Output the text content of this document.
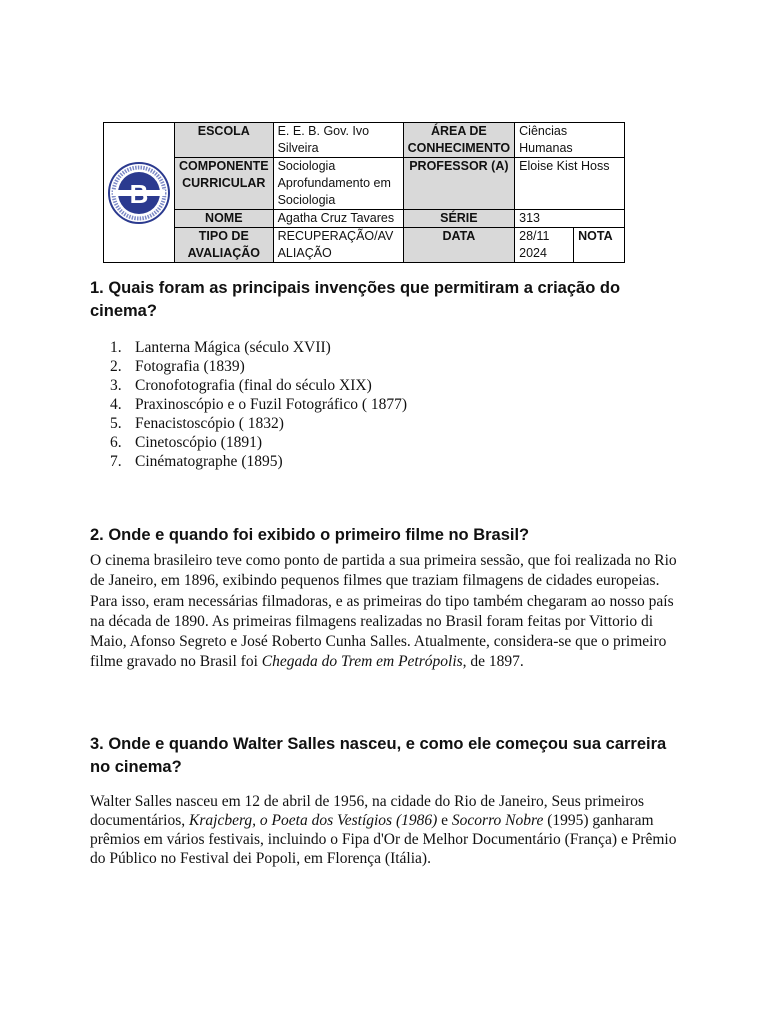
B	ESCOLA	E. E. B. Gov. Ivo Silveira	ÁREA DE CONHECIMENTO	Ciências Humanas	
	COMPONENTE CURRICULAR	Sociologia Aprofundamento em Sociologia	PROFESSOR (A)	Eloise Kist Hoss	
	NOME	Agatha Cruz Tavares	SÉRIE	313	
	TIPO DE AVALIAÇÃO	RECUPERAÇÃO/AVALIAÇÃO	DATA	28/11 2024	NOTA
1. Quais foram as principais invenções que permitiram a criação do cinema?
1. Lanterna Mágica (século XVII)
2. Fotografia (1839)
3. Cronofotografia (final do século XIX)
4. Praxinoscópio e o Fuzil Fotográfico ( 1877)
5. Fenacistoscópio ( 1832)
6. Cinetoscópio (1891)
7. Cinématographe (1895)
2. Onde e quando foi exibido o primeiro filme no Brasil?

O cinema brasileiro teve como ponto de partida a sua primeira sessão, que foi realizada no Rio de Janeiro, em 1896, exibindo pequenos filmes que traziam filmagens de cidades europeias. Para isso, eram necessárias filmadoras, e as primeiras do tipo também chegaram ao nosso país na década de 1890. As primeiras filmagens realizadas no Brasil foram feitas por Vittorio di Maio, Afonso Segreto e José Roberto Cunha Salles. Atualmente, considera-se que o primeiro filme gravado no Brasil foi Chegada do Trem em Petrópolis, de 1897.

3. Onde e quando Walter Salles nasceu, e como ele começou sua carreira no cinema?

Walter Salles nasceu em 12 de abril de 1956, na cidade do Rio de Janeiro, Seus primeiros documentários, Krajcberg, o Poeta dos Vestígios (1986) e Socorro Nobre (1995) ganharam prêmios em vários festivais, incluindo o Fipa d'Or de Melhor Documentário (França) e Prêmio do Público no Festival dei Popoli, em Florença (Itália).
